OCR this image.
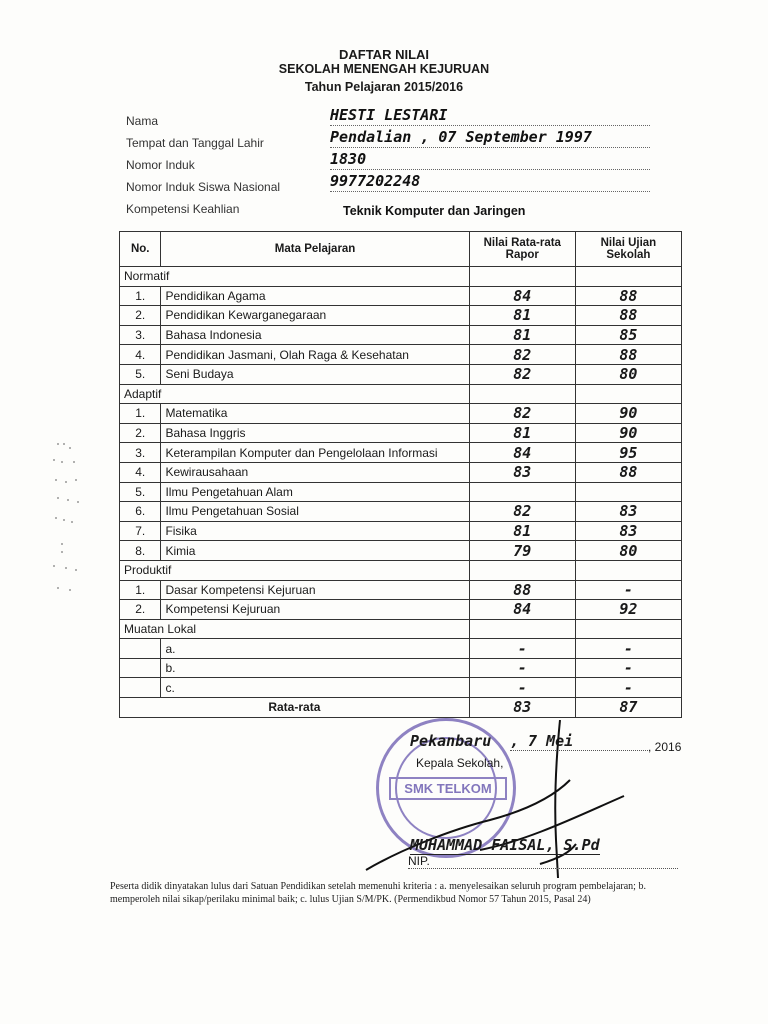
DAFTAR NILAI
SEKOLAH MENENGAH KEJURUAN
Tahun Pelajaran 2015/2016
Nama	HESTI LESTARI
Tempat dan Tanggal Lahir	Pendalian , 07 September 1997
Nomor Induk	1830
Nomor Induk Siswa Nasional	9977202248
Kompetensi Keahlian	Teknik Komputer dan Jaringen
No.	Mata Pelajaran	Nilai Rata-rata Rapor	Nilai Ujian Sekolah
Normatif			
1.	Pendidikan Agama	84	88
2.	Pendidikan Kewarganegaraan	81	88
3.	Bahasa Indonesia	81	85
4.	Pendidikan Jasmani, Olah Raga & Kesehatan	82	88
5.	Seni Budaya	82	80
Adaptif			
1.	Matematika	82	90
2.	Bahasa Inggris	81	90
3.	Keterampilan Komputer dan Pengelolaan Informasi	84	95
4.	Kewirausahaan	83	88
5.	Ilmu Pengetahuan Alam		
6.	Ilmu Pengetahuan Sosial	82	83
7.	Fisika	81	83
8.	Kimia	79	80
Produktif			
1.	Dasar Kompetensi Kejuruan	88	-
2.	Kompetensi Kejuruan	84	92
Muatan Lokal			
	a.	-	-
	b.	-	-
	c.	-	-
Rata-rata		83	87
SMK TELKOM
Pekanbaru , 7 Mei	, 2016
Kepala Sekolah,
MUHAMMAD FAISAL, S.Pd
NIP.
Peserta didik dinyatakan lulus dari Satuan Pendidikan setelah memenuhi kriteria : a. menyelesaikan seluruh program pembelajaran; b. memperoleh nilai sikap/perilaku minimal baik; c. lulus Ujian S/M/PK. (Permendikbud Nomor 57 Tahun 2015, Pasal 24)
